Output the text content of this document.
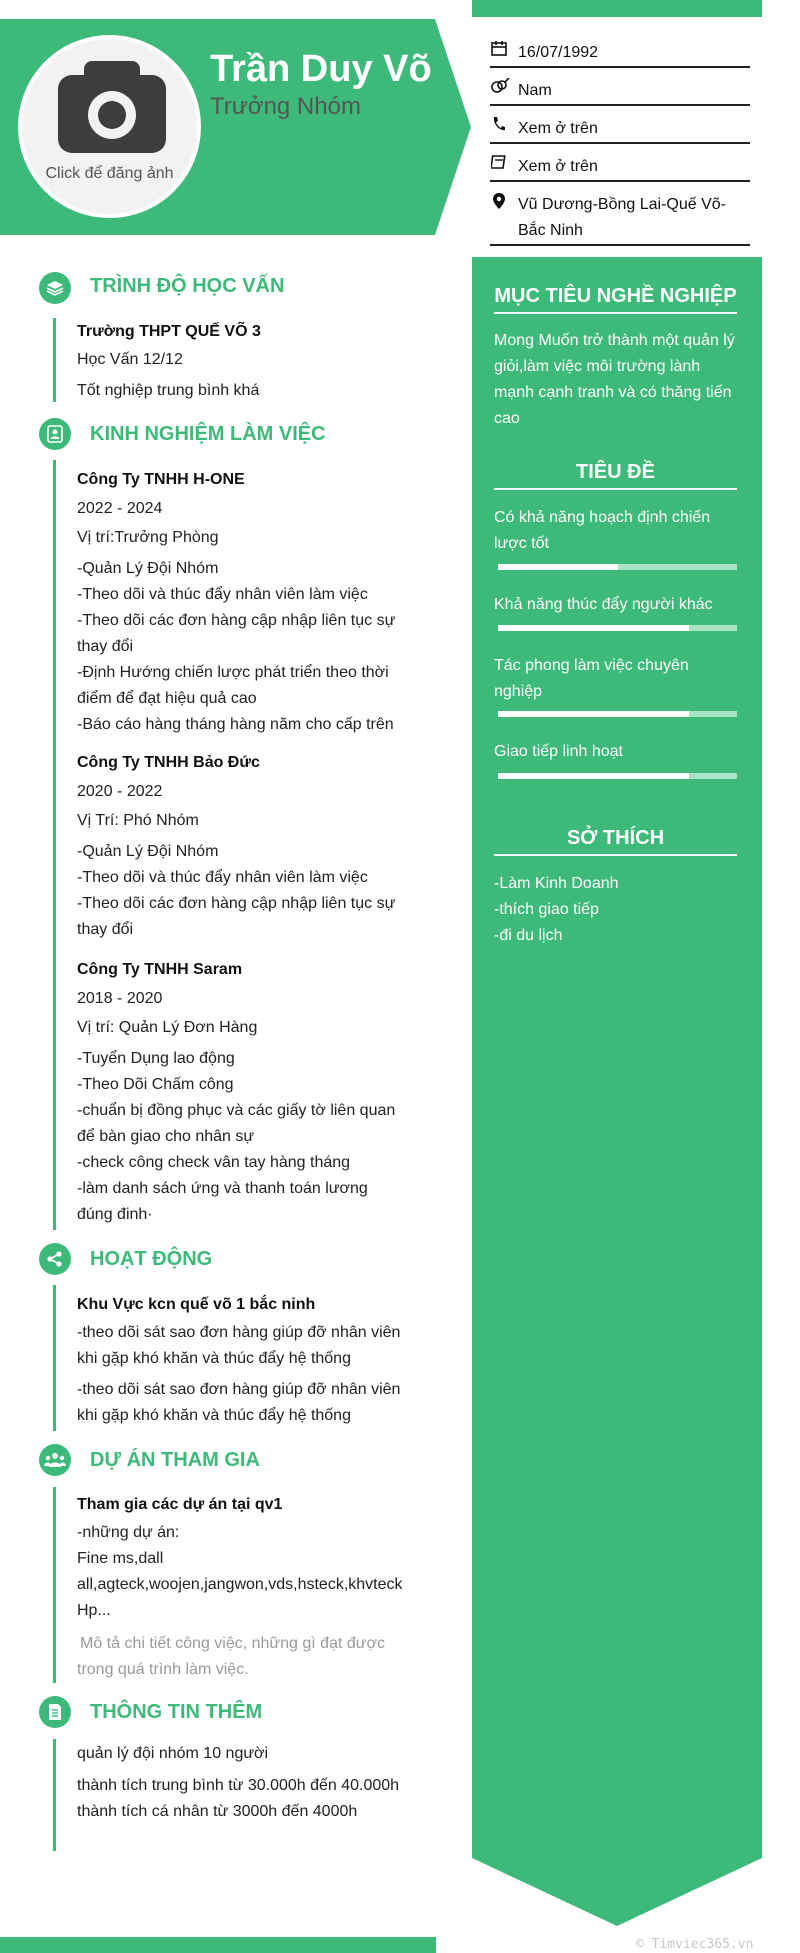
Click để đăng ảnh
Trần Duy Võ
Trưởng Nhóm
16/07/1992
Nam
Xem ở trên
Xem ở trên
Vũ Dương-Bồng Lai-Quế Võ-
Bắc Ninh
MỤC TIÊU NGHỀ NGHIỆP
Mong Muốn trở thành một quản lý
giỏi,làm việc môi trường lành
mạnh cạnh tranh và có thăng tiến
cao
TIÊU ĐỀ
Có khả năng hoạch định chiến
lược tốt
Khả năng thúc đẩy người khác
Tác phong làm việc chuyên
nghiệp
Giao tiếp linh hoạt
SỞ THÍCH
-Làm Kinh Doanh
-thích giao tiếp
-đi du lịch
TRÌNH ĐỘ HỌC VẤN
Trường THPT QUẾ VÕ 3
Học Vấn 12/12
Tốt nghiệp trung bình khá
KINH NGHIỆM LÀM VIỆC
Công Ty TNHH H-ONE
2022 - 2024
Vị trí:Trưởng Phòng
-Quản Lý Đội Nhóm
-Theo dõi và thúc đẩy nhân viên làm việc
-Theo dõi các đơn hàng cập nhập liên tục sự
thay đổi
-Định Hướng chiến lược phát triển theo thời
điểm để đạt hiệu quả cao
-Báo cáo hàng tháng hàng năm cho cấp trên
Công Ty TNHH Bảo Đức
2020 - 2022
Vị Trí: Phó Nhóm
-Quản Lý Đội Nhóm
-Theo dõi và thúc đẩy nhân viên làm việc
-Theo dõi các đơn hàng cập nhập liên tục sự
thay đổi
Công Ty TNHH Saram
2018 - 2020
Vị trí: Quản Lý Đơn Hàng
-Tuyển Dụng lao động
-Theo Dõi Chấm công
-chuẩn bị đồng phục và các giấy tờ liên quan
để bàn giao cho nhân sự
-check công check vân tay hàng tháng
-làm danh sách ứng và thanh toán lương
đúng đinh·
HOẠT ĐỘNG
Khu Vực kcn quế võ 1 bắc ninh
-theo dõi sát sao đơn hàng giúp đỡ nhân viên
khi gặp khó khăn và thúc đẩy hệ thống
-theo dõi sát sao đơn hàng giúp đỡ nhân viên
khi gặp khó khăn và thúc đẩy hệ thống
DỰ ÁN THAM GIA
Tham gia các dự án tại qv1
-những dự án:
Fine ms,dall
all,agteck,woojen,jangwon,vds,hsteck,khvteck
Hp...
Mô tả chi tiết công việc, những gì đạt được
trong quá trình làm việc.
THÔNG TIN THÊM
quản lý đội nhóm 10 người
thành tích trung bình từ 30.000h đến 40.000h
thành tích cá nhân từ 3000h đến 4000h
© Timviec365.vn
